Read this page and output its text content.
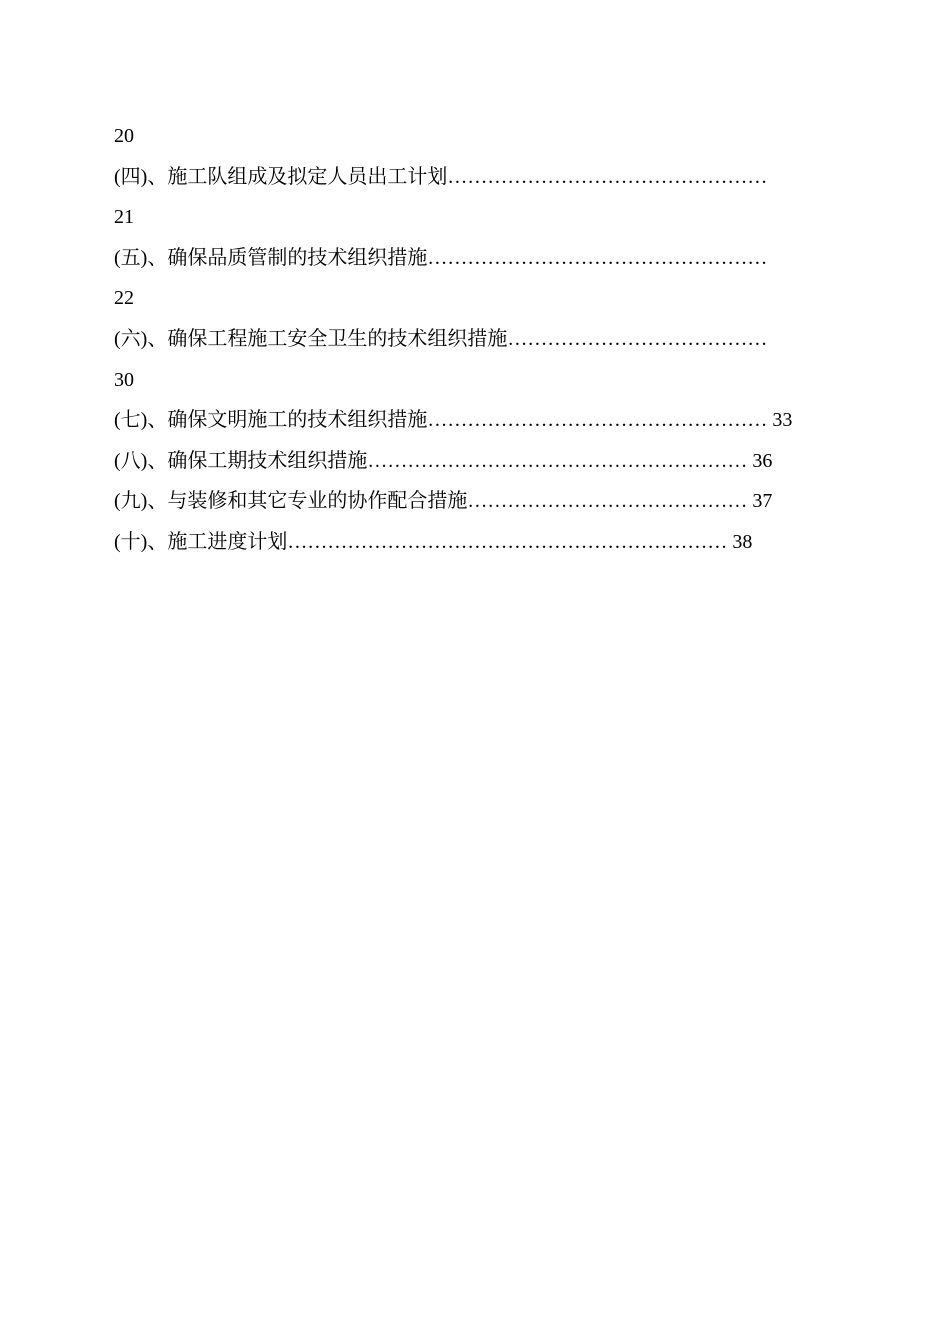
20
(四)、施工队组成及拟定人员出工计划…………………………………………
21
(五)、确保品质管制的技术组织措施……………………………………………
22
(六)、确保工程施工安全卫生的技术组织措施…………………………………
30
(七)、确保文明施工的技术组织措施…………………………………………… 33
(八)、确保工期技术组织措施………………………………………………… 36
(九)、与装修和其它专业的协作配合措施…………………………………… 37
(十)、施工进度计划………………………………………………………… 38
